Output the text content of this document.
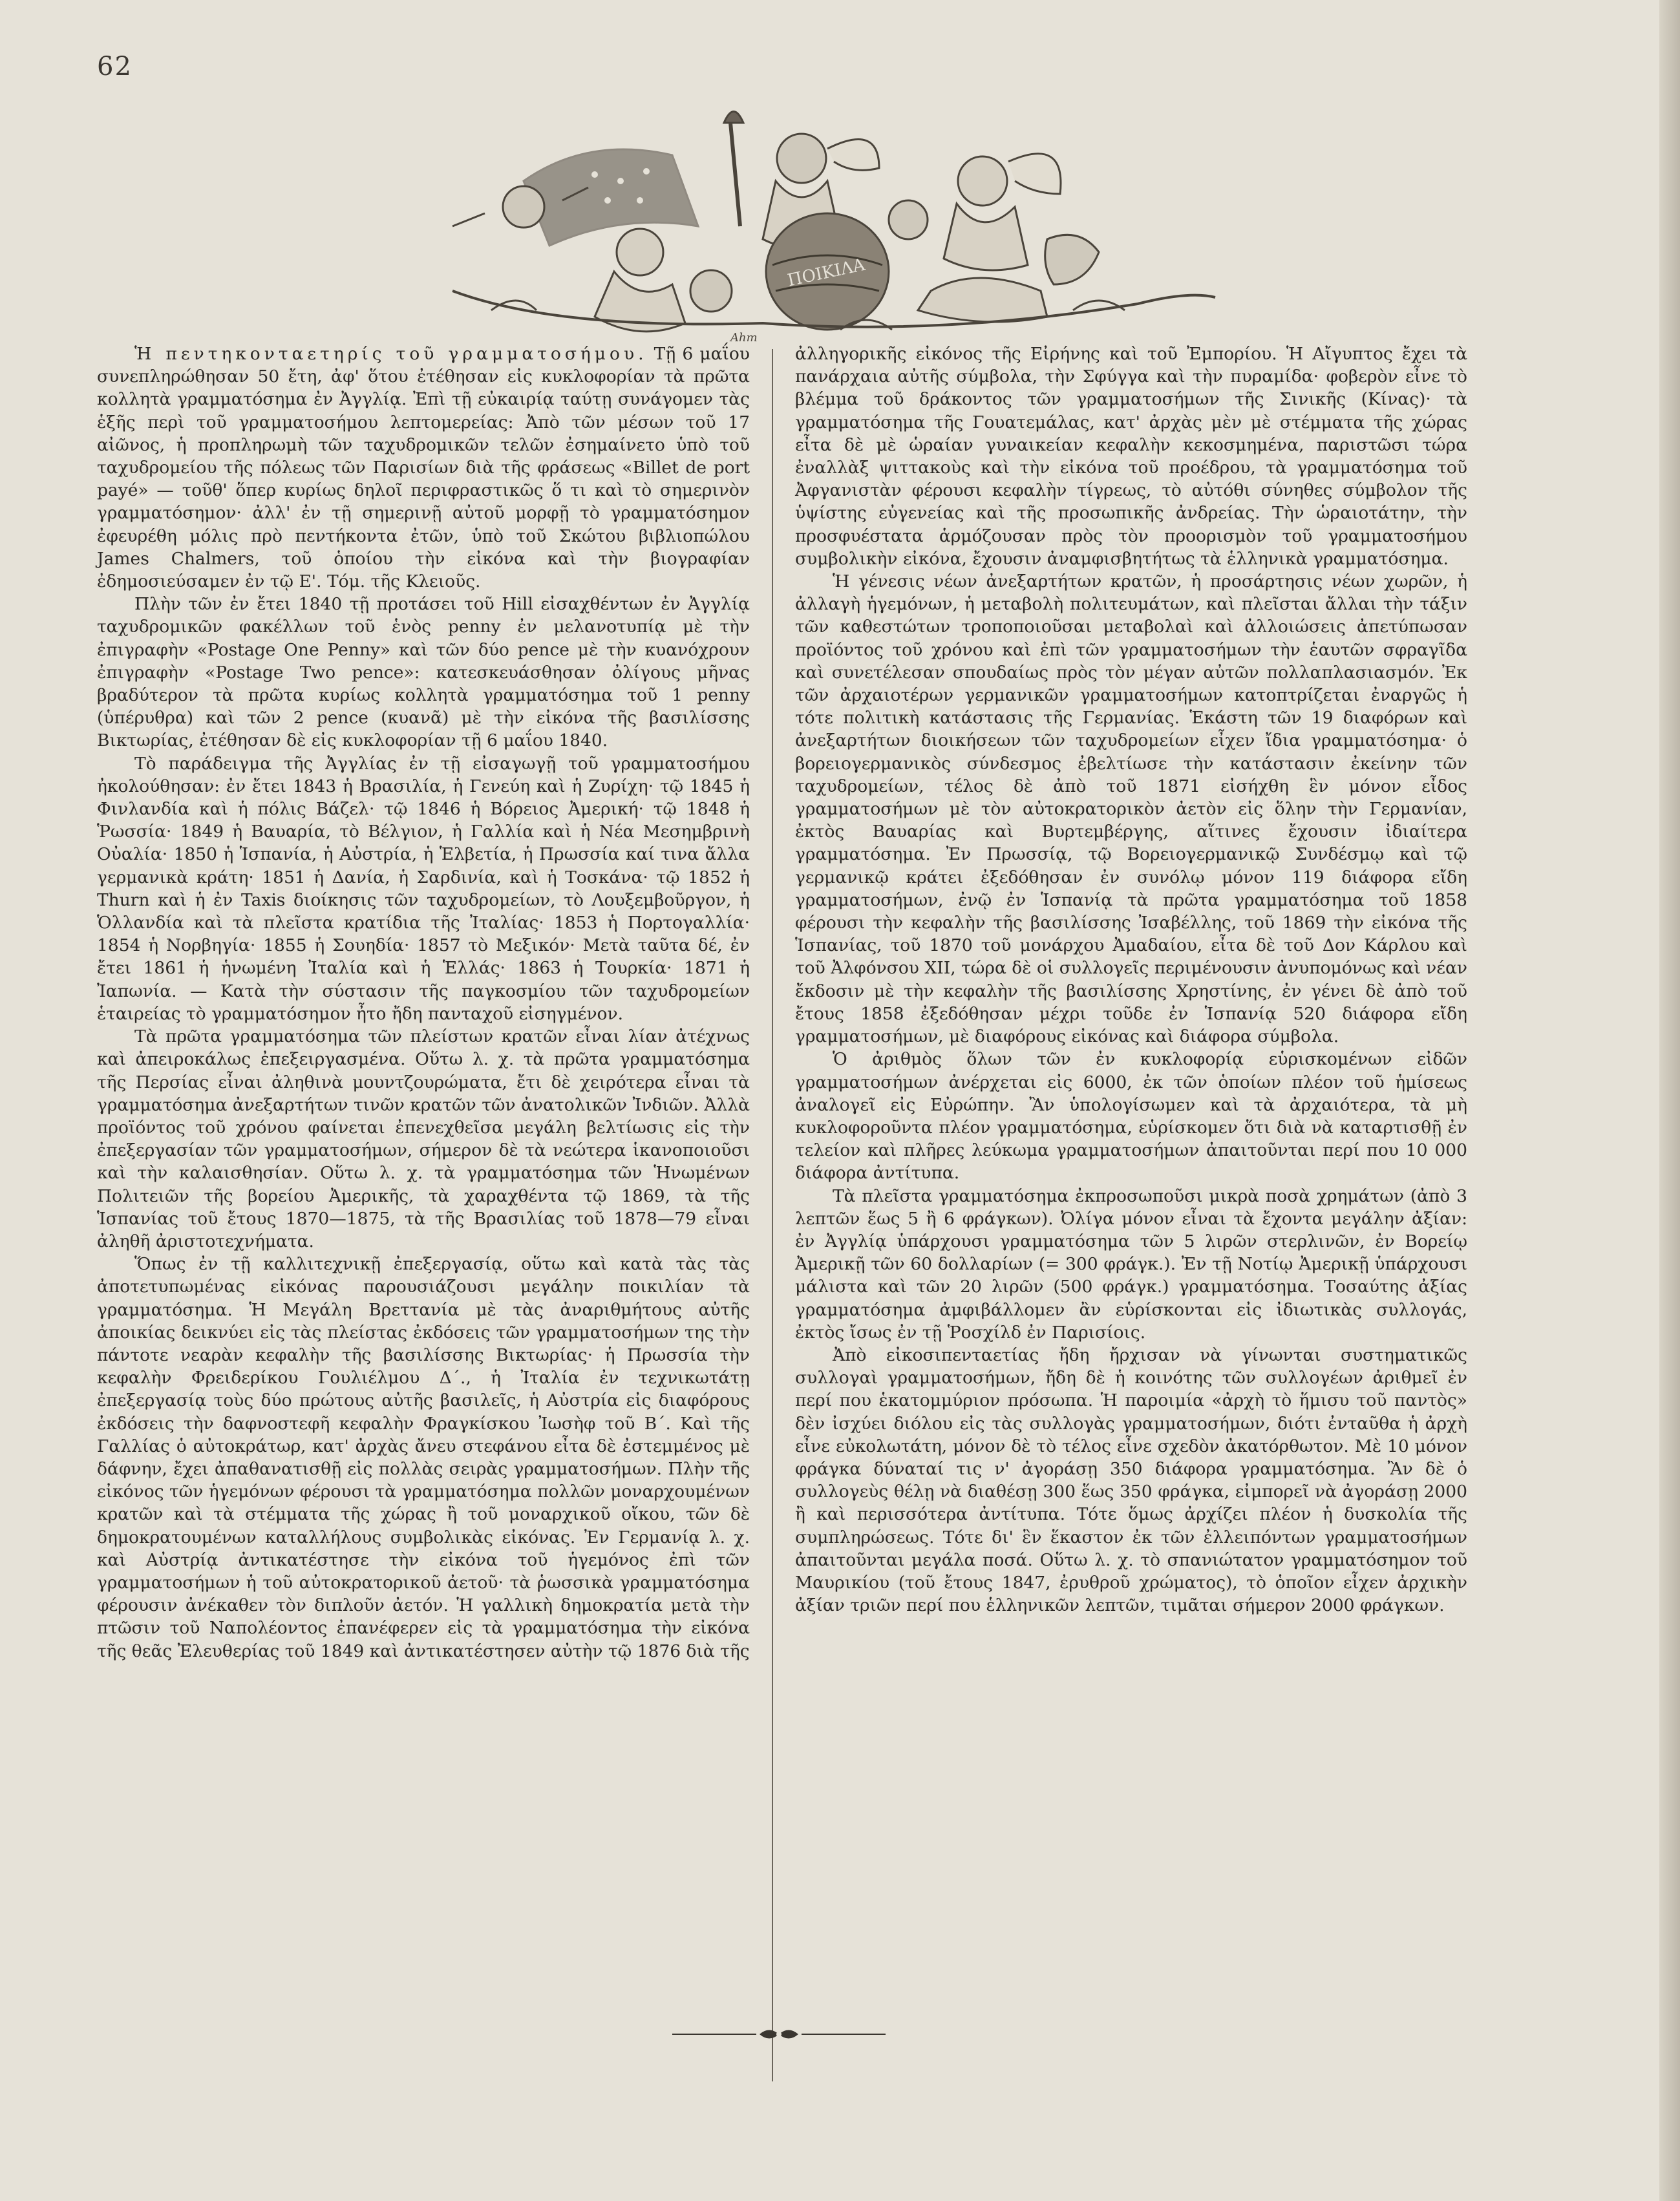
62
ΠΟΙΚΙΛΑ
Ahm

Ἡ πεντηκονταετηρίς τοῦ γραμματοσήμου. Τῇ 6 μαΐου συνεπληρώθησαν 50 ἔτη, ἀφ' ὅτου ἐτέθησαν εἰς κυκλοφορίαν τὰ πρῶτα κολλητὰ γραμματόσημα ἐν Ἀγγλίᾳ. Ἐπὶ τῇ εὐκαιρίᾳ ταύτῃ συνάγομεν τὰς ἑξῆς περὶ τοῦ γραμματοσήμου λεπτομερείας: Ἀπὸ τῶν μέσων τοῦ 17 αἰῶνος, ἡ προπληρωμὴ τῶν ταχυδρομικῶν τελῶν ἐσημαίνετο ὑπὸ τοῦ ταχυδρομείου τῆς πόλεως τῶν Παρισίων διὰ τῆς φράσεως «Billet de port payé» — τοῦθ' ὅπερ κυρίως δηλοῖ περιφραστικῶς ὅ τι καὶ τὸ σημερινὸν γραμματόσημον· ἀλλ' ἐν τῇ σημερινῇ αὐτοῦ μορφῇ τὸ γραμματόσημον ἐφευρέθη μόλις πρὸ πεντήκοντα ἐτῶν, ὑπὸ τοῦ Σκώτου βιβλιοπώλου James Chalmers, τοῦ ὁποίου τὴν εἰκόνα καὶ τὴν βιογραφίαν ἐδημοσιεύσαμεν ἐν τῷ Ε'. Τόμ. τῆς Κλειοῦς.

Πλὴν τῶν ἐν ἔτει 1840 τῇ προτάσει τοῦ Hill εἰσαχθέντων ἐν Ἀγγλίᾳ ταχυδρομικῶν φακέλλων τοῦ ἑνὸς penny ἐν μελανοτυπίᾳ μὲ τὴν ἐπιγραφὴν «Postage One Penny» καὶ τῶν δύο pence μὲ τὴν κυανόχρουν ἐπιγραφὴν «Postage Two pence»: κατεσκευάσθησαν ὀλίγους μῆνας βραδύτερον τὰ πρῶτα κυρίως κολλητὰ γραμματόσημα τοῦ 1 penny (ὑπέρυθρα) καὶ τῶν 2 pence (κυανᾶ) μὲ τὴν εἰκόνα τῆς βασιλίσσης Βικτωρίας, ἐτέθησαν δὲ εἰς κυκλοφορίαν τῇ 6 μαΐου 1840.

Τὸ παράδειγμα τῆς Ἀγγλίας ἐν τῇ εἰσαγωγῇ τοῦ γραμματοσήμου ἠκολούθησαν: ἐν ἔτει 1843 ἡ Βρασιλία, ἡ Γενεύη καὶ ἡ Ζυρίχη· τῷ 1845 ἡ Φινλανδία καὶ ἡ πόλις Βάζελ· τῷ 1846 ἡ Βόρειος Ἀμερική· τῷ 1848 ἡ Ῥωσσία· 1849 ἡ Βαυαρία, τὸ Βέλγιον, ἡ Γαλλία καὶ ἡ Νέα Μεσημβρινὴ Οὐαλία· 1850 ἡ Ἱσπανία, ἡ Αὐστρία, ἡ Ἑλβετία, ἡ Πρωσσία καί τινα ἄλλα γερμανικὰ κράτη· 1851 ἡ Δανία, ἡ Σαρδινία, καὶ ἡ Τοσκάνα· τῷ 1852 ἡ Thurn καὶ ἡ ἐν Taxis διοίκησις τῶν ταχυδρομείων, τὸ Λουξεμβοῦργον, ἡ Ὁλλανδία καὶ τὰ πλεῖστα κρατίδια τῆς Ἰταλίας· 1853 ἡ Πορτογαλλία· 1854 ἡ Νορβηγία· 1855 ἡ Σουηδία· 1857 τὸ Μεξικόν· Μετὰ ταῦτα δέ, ἐν ἔτει 1861 ἡ ἡνωμένη Ἰταλία καὶ ἡ Ἑλλάς· 1863 ἡ Τουρκία· 1871 ἡ Ἰαπωνία. — Κατὰ τὴν σύστασιν τῆς παγκοσμίου τῶν ταχυδρομείων ἑταιρείας τὸ γραμματόσημον ἦτο ἤδη πανταχοῦ εἰσηγμένον.

Τὰ πρῶτα γραμματόσημα τῶν πλείστων κρατῶν εἶναι λίαν ἀτέχνως καὶ ἀπειροκάλως ἐπεξειργασμένα. Οὕτω λ. χ. τὰ πρῶτα γραμματόσημα τῆς Περσίας εἶναι ἀληθινὰ μουντζουρώματα, ἔτι δὲ χειρότερα εἶναι τὰ γραμματόσημα ἀνεξαρτήτων τινῶν κρατῶν τῶν ἀνατολικῶν Ἰνδιῶν. Ἀλλὰ προϊόντος τοῦ χρόνου φαίνεται ἐπενεχθεῖσα μεγάλη βελτίωσις εἰς τὴν ἐπεξεργασίαν τῶν γραμματοσήμων, σήμερον δὲ τὰ νεώτερα ἱκανοποιοῦσι καὶ τὴν καλαισθησίαν. Οὕτω λ. χ. τὰ γραμματόσημα τῶν Ἡνωμένων Πολιτειῶν τῆς βορείου Ἀμερικῆς, τὰ χαραχθέντα τῷ 1869, τὰ τῆς Ἱσπανίας τοῦ ἔτους 1870—1875, τὰ τῆς Βρασιλίας τοῦ 1878—79 εἶναι ἀληθῆ ἀριστοτεχνήματα.

Ὅπως ἐν τῇ καλλιτεχνικῇ ἐπεξεργασίᾳ, οὕτω καὶ κατὰ τὰς τὰς ἀποτετυπωμένας εἰκόνας παρουσιάζουσι μεγάλην ποικιλίαν τὰ γραμματόσημα. Ἡ Μεγάλη Βρεττανία μὲ τὰς ἀναριθμήτους αὐτῆς ἀποικίας δεικνύει εἰς τὰς πλείστας ἐκδόσεις τῶν γραμματοσήμων της τὴν πάντοτε νεαρὰν κεφαλὴν τῆς βασιλίσσης Βικτωρίας· ἡ Πρωσσία τὴν κεφαλὴν Φρειδερίκου Γουλιέλμου Δ΄., ἡ Ἰταλία ἐν τεχνικωτάτῃ ἐπεξεργασίᾳ τοὺς δύο πρώτους αὐτῆς βασιλεῖς, ἡ Αὐστρία εἰς διαφόρους ἐκδόσεις τὴν δαφνοστεφῆ κεφαλὴν Φραγκίσκου Ἰωσὴφ τοῦ Β΄. Καὶ τῆς Γαλλίας ὁ αὐτοκράτωρ, κατ' ἀρχὰς ἄνευ στεφάνου εἶτα δὲ ἐστεμμένος μὲ δάφνην, ἔχει ἀπαθανατισθῇ εἰς πολλὰς σειρὰς γραμματοσήμων. Πλὴν τῆς εἰκόνος τῶν ἡγεμόνων φέρουσι τὰ γραμματόσημα πολλῶν μοναρχουμένων κρατῶν καὶ τὰ στέμματα τῆς χώρας ἢ τοῦ μοναρχικοῦ οἴκου, τῶν δὲ δημοκρατουμένων καταλλήλους συμβολικὰς εἰκόνας. Ἐν Γερμανίᾳ λ. χ. καὶ Αὐστρίᾳ ἀντικατέστησε τὴν εἰκόνα τοῦ ἡγεμόνος ἐπὶ τῶν γραμματοσήμων ἡ τοῦ αὐτοκρατορικοῦ ἀετοῦ· τὰ ῥωσσικὰ γραμματόσημα φέρουσιν ἀνέκαθεν τὸν διπλοῦν ἀετόν. Ἡ γαλλικὴ δημοκρατία μετὰ τὴν πτῶσιν τοῦ Ναπολέοντος ἐπανέφερεν εἰς τὰ γραμματόσημα τὴν εἰκόνα τῆς θεᾶς Ἐλευθερίας τοῦ 1849 καὶ ἀντικατέστησεν αὐτὴν τῷ 1876 διὰ τῆς

ἀλληγορικῆς εἰκόνος τῆς Εἰρήνης καὶ τοῦ Ἐμπορίου. Ἡ Αἴγυπτος ἔχει τὰ πανάρχαια αὐτῆς σύμβολα, τὴν Σφύγγα καὶ τὴν πυραμίδα· φοβερὸν εἶνε τὸ βλέμμα τοῦ δράκοντος τῶν γραμματοσήμων τῆς Σινικῆς (Κίνας)· τὰ γραμματόσημα τῆς Γουατεμάλας, κατ' ἀρχὰς μὲν μὲ στέμματα τῆς χώρας εἶτα δὲ μὲ ὡραίαν γυναικείαν κεφαλὴν κεκοσμημένα, παριστῶσι τώρα ἐναλλὰξ ψιττακοὺς καὶ τὴν εἰκόνα τοῦ προέδρου, τὰ γραμματόσημα τοῦ Ἀφγανιστὰν φέρουσι κεφαλὴν τίγρεως, τὸ αὐτόθι σύνηθες σύμβολον τῆς ὑψίστης εὐγενείας καὶ τῆς προσωπικῆς ἀνδρείας. Τὴν ὡραιοτάτην, τὴν προσφυέστατα ἁρμόζουσαν πρὸς τὸν προορισμὸν τοῦ γραμματοσήμου συμβολικὴν εἰκόνα, ἔχουσιν ἀναμφισβητήτως τὰ ἑλληνικὰ γραμματόσημα.

Ἡ γένεσις νέων ἀνεξαρτήτων κρατῶν, ἡ προσάρτησις νέων χωρῶν, ἡ ἀλλαγὴ ἡγεμόνων, ἡ μεταβολὴ πολιτευμάτων, καὶ πλεῖσται ἄλλαι τὴν τάξιν τῶν καθεστώτων τροποποιοῦσαι μεταβολαὶ καὶ ἀλλοιώσεις ἀπετύπωσαν προϊόντος τοῦ χρόνου καὶ ἐπὶ τῶν γραμματοσήμων τὴν ἑαυτῶν σφραγῖδα καὶ συνετέλεσαν σπουδαίως πρὸς τὸν μέγαν αὐτῶν πολλαπλασιασμόν. Ἐκ τῶν ἀρχαιοτέρων γερμανικῶν γραμματοσήμων κατοπτρίζεται ἐναργῶς ἡ τότε πολιτικὴ κατάστασις τῆς Γερμανίας. Ἑκάστη τῶν 19 διαφόρων καὶ ἀνεξαρτήτων διοικήσεων τῶν ταχυδρομείων εἶχεν ἴδια γραμματόσημα· ὁ βορειογερμανικὸς σύνδεσμος ἐβελτίωσε τὴν κατάστασιν ἐκείνην τῶν ταχυδρομείων, τέλος δὲ ἀπὸ τοῦ 1871 εἰσήχθη ἓν μόνον εἶδος γραμματοσήμων μὲ τὸν αὐτοκρατορικὸν ἀετὸν εἰς ὅλην τὴν Γερμανίαν, ἐκτὸς Βαυαρίας καὶ Βυρτεμβέργης, αἵτινες ἔχουσιν ἰδιαίτερα γραμματόσημα. Ἐν Πρωσσίᾳ, τῷ Βορειογερμανικῷ Συνδέσμῳ καὶ τῷ γερμανικῷ κράτει ἐξεδόθησαν ἐν συνόλῳ μόνον 119 διάφορα εἴδη γραμματοσήμων, ἐνῷ ἐν Ἱσπανίᾳ τὰ πρῶτα γραμματόσημα τοῦ 1858 φέρουσι τὴν κεφαλὴν τῆς βασιλίσσης Ἰσαβέλλης, τοῦ 1869 τὴν εἰκόνα τῆς Ἱσπανίας, τοῦ 1870 τοῦ μονάρχου Ἀμαδαίου, εἶτα δὲ τοῦ Δον Κάρλου καὶ τοῦ Ἀλφόνσου XII, τώρα δὲ οἱ συλλογεῖς περιμένουσιν ἀνυπομόνως καὶ νέαν ἔκδοσιν μὲ τὴν κεφαλὴν τῆς βασιλίσσης Χρηστίνης, ἐν γένει δὲ ἀπὸ τοῦ ἔτους 1858 ἐξεδόθησαν μέχρι τοῦδε ἐν Ἱσπανίᾳ 520 διάφορα εἴδη γραμματοσήμων, μὲ διαφόρους εἰκόνας καὶ διάφορα σύμβολα.

Ὁ ἀριθμὸς ὅλων τῶν ἐν κυκλοφορίᾳ εὑρισκομένων εἰδῶν γραμματοσήμων ἀνέρχεται εἰς 6000, ἐκ τῶν ὁποίων πλέον τοῦ ἡμίσεως ἀναλογεῖ εἰς Εὐρώπην. Ἂν ὑπολογίσωμεν καὶ τὰ ἀρχαιότερα, τὰ μὴ κυκλοφοροῦντα πλέον γραμματόσημα, εὑρίσκομεν ὅτι διὰ νὰ καταρτισθῇ ἐν τελείον καὶ πλῆρες λεύκωμα γραμματοσήμων ἀπαιτοῦνται περί που 10 000 διάφορα ἀντίτυπα.

Τὰ πλεῖστα γραμματόσημα ἐκπροσωποῦσι μικρὰ ποσὰ χρημάτων (ἀπὸ 3 λεπτῶν ἕως 5 ἢ 6 φράγκων). Ὀλίγα μόνον εἶναι τὰ ἔχοντα μεγάλην ἀξίαν: ἐν Ἀγγλίᾳ ὑπάρχουσι γραμματόσημα τῶν 5 λιρῶν στερλινῶν, ἐν Βορείῳ Ἀμερικῇ τῶν 60 δολλαρίων (= 300 φράγκ.). Ἐν τῇ Νοτίῳ Ἀμερικῇ ὑπάρχουσι μάλιστα καὶ τῶν 20 λιρῶν (500 φράγκ.) γραμματόσημα. Τοσαύτης ἀξίας γραμματόσημα ἀμφιβάλλομεν ἂν εὑρίσκονται εἰς ἰδιωτικὰς συλλογάς, ἐκτὸς ἴσως ἐν τῇ Ῥοσχίλδ ἐν Παρισίοις.

Ἀπὸ εἰκοσιπενταετίας ἤδη ἤρχισαν νὰ γίνωνται συστηματικῶς συλλογαὶ γραμματοσήμων, ἤδη δὲ ἡ κοινότης τῶν συλλογέων ἀριθμεῖ ἐν περί που ἑκατομμύριον πρόσωπα. Ἡ παροιμία «ἀρχὴ τὸ ἥμισυ τοῦ παντὸς» δὲν ἰσχύει διόλου εἰς τὰς συλλογὰς γραμματοσήμων, διότι ἐνταῦθα ἡ ἀρχὴ εἶνε εὐκολωτάτη, μόνον δὲ τὸ τέλος εἶνε σχεδὸν ἀκατόρθωτον. Μὲ 10 μόνον φράγκα δύναταί τις ν' ἀγοράσῃ 350 διάφορα γραμματόσημα. Ἂν δὲ ὁ συλλογεὺς θέλῃ νὰ διαθέσῃ 300 ἕως 350 φράγκα, εἰμπορεῖ νὰ ἀγοράσῃ 2000 ἢ καὶ περισσότερα ἀντίτυπα. Τότε ὅμως ἀρχίζει πλέον ἡ δυσκολία τῆς συμπληρώσεως. Τότε δι' ἓν ἕκαστον ἐκ τῶν ἐλλειπόντων γραμματοσήμων ἀπαιτοῦνται μεγάλα ποσά. Οὕτω λ. χ. τὸ σπανιώτατον γραμματόσημον τοῦ Μαυρικίου (τοῦ ἔτους 1847, ἐρυθροῦ χρώματος), τὸ ὁποῖον εἶχεν ἀρχικὴν ἀξίαν τριῶν περί που ἑλληνικῶν λεπτῶν, τιμᾶται σήμερον 2000 φράγκων.
